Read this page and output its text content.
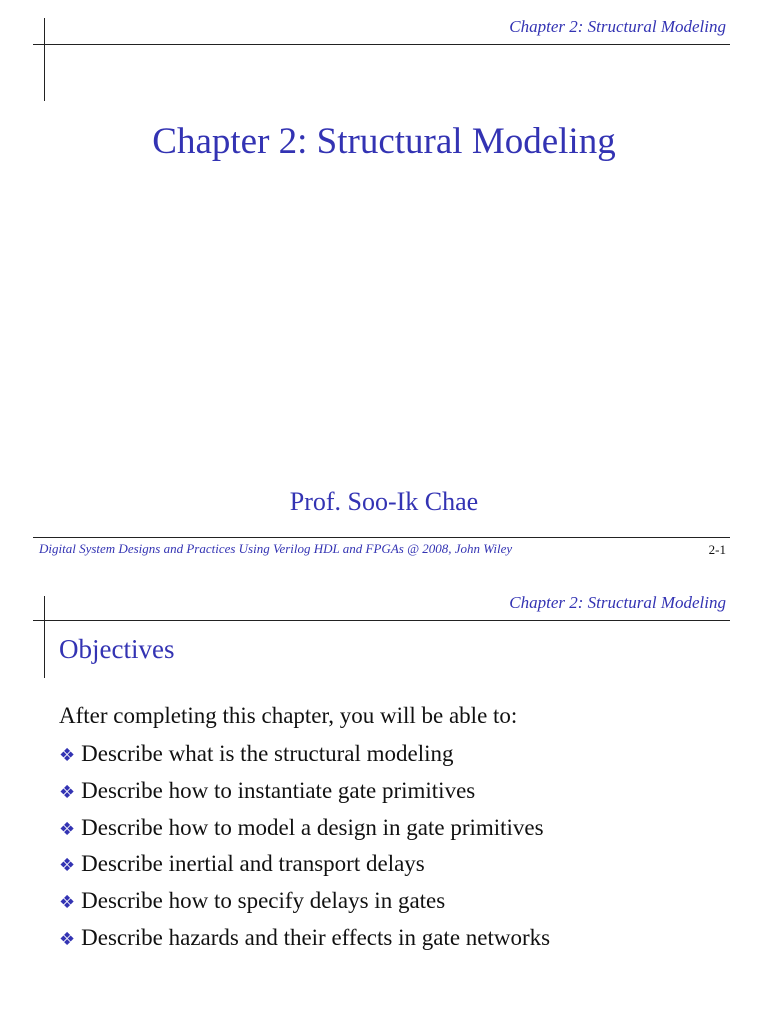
Chapter 2: Structural Modeling
Chapter 2: Structural Modeling
Prof. Soo-Ik Chae
Digital System Designs and Practices Using Verilog HDL and FPGAs @ 2008, John Wiley	2-1
Chapter 2: Structural Modeling
Objectives
After completing this chapter, you will be able to:
❖ Describe what is the structural modeling
❖ Describe how to instantiate gate primitives
❖ Describe how to model a design in gate primitives
❖ Describe inertial and transport delays
❖ Describe how to specify delays in gates
❖ Describe hazards and their effects in gate networks
